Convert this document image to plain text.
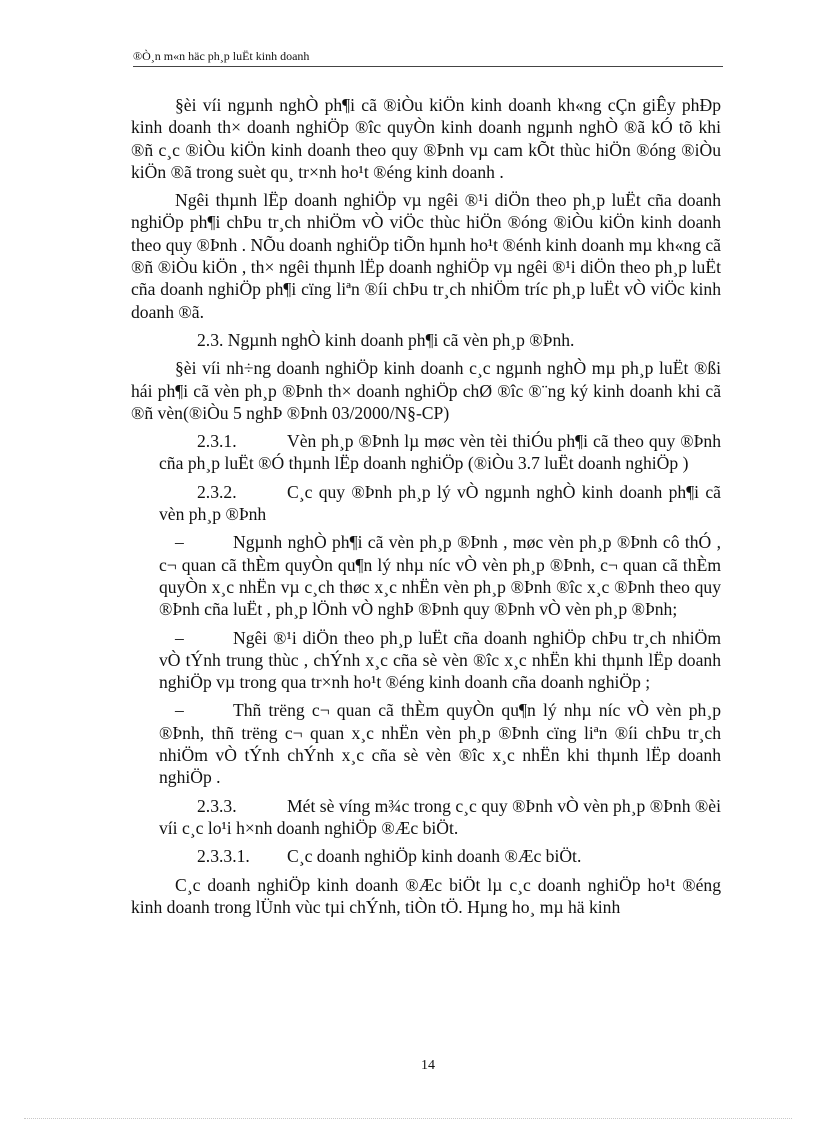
®Ò¸n m«n häc ph¸p luËt kinh doanh

§èi víi ngµnh nghÒ ph¶i cã ®iÒu kiÖn kinh doanh kh«ng cÇn giÊy phÐp kinh doanh th× doanh nghiÖp ®îc quyÒn kinh doanh ngµnh nghÒ ®ã kÓ tõ khi ®ñ c¸c ®iÒu kiÖn kinh doanh theo quy ®Þnh vµ cam kÕt thùc hiÖn ®óng ®iÒu kiÖn ®ã trong suèt qu¸ tr×nh ho¹t ®éng kinh doanh .

Ngêi thµnh lËp doanh nghiÖp vµ ngêi ®¹i diÖn theo ph¸p luËt cña doanh nghiÖp ph¶i chÞu tr¸ch nhiÖm vÒ viÖc thùc hiÖn ®óng ®iÒu kiÖn kinh doanh theo quy ®Þnh . NÕu doanh nghiÖp tiÕn hµnh ho¹t ®énh kinh doanh mµ kh«ng cã ®ñ ®iÒu kiÖn , th× ngêi thµnh lËp doanh nghiÖp vµ ngêi ®¹i diÖn theo ph¸p luËt cña doanh nghiÖp ph¶i cïng liªn ®íi chÞu tr¸ch nhiÖm tríc ph¸p luËt vÒ viÖc kinh doanh ®ã.

2.3. Ngµnh nghÒ kinh doanh ph¶i cã vèn ph¸p ®Þnh.

§èi víi nh÷ng doanh nghiÖp kinh doanh c¸c ngµnh nghÒ mµ ph¸p luËt ®ßi hái ph¶i cã vèn ph¸p ®Þnh th× doanh nghiÖp chØ ®îc ®¨ng ký kinh doanh khi cã ®ñ vèn(®iÒu 5 nghÞ ®Þnh 03/2000/N§-CP)

2.3.1.	Vèn ph¸p ®Þnh lµ møc vèn tèi thiÓu ph¶i cã theo quy ®Þnh cña ph¸p luËt ®Ó thµnh lËp doanh nghiÖp (®iÒu 3.7 luËt doanh nghiÖp )

2.3.2.	C¸c quy ®Þnh ph¸p lý vÒ ngµnh nghÒ kinh doanh ph¶i cã vèn ph¸p ®Þnh

–	Ngµnh nghÒ ph¶i cã vèn ph¸p ®Þnh , møc vèn ph¸p ®Þnh cô thÓ , c¬ quan cã thÈm quyÒn qu¶n lý nhµ níc vÒ vèn ph¸p ®Þnh, c¬ quan cã thÈm quyÒn x¸c nhËn vµ c¸ch thøc x¸c nhËn vèn ph¸p ®Þnh ®îc x¸c ®Þnh theo quy ®Þnh cña luËt , ph¸p lÖnh vÒ nghÞ ®Þnh quy ®Þnh vÒ vèn ph¸p ®Þnh;

–	Ngêi ®¹i diÖn theo ph¸p luËt cña doanh nghiÖp chÞu tr¸ch nhiÖm vÒ tÝnh trung thùc , chÝnh x¸c cña sè vèn ®îc x¸c nhËn khi thµnh lËp doanh nghiÖp vµ trong qua tr×nh ho¹t ®éng kinh doanh cña doanh nghiÖp ;

–	Thñ trëng c¬ quan cã thÈm quyÒn qu¶n lý nhµ níc vÒ vèn ph¸p ®Þnh, thñ trëng c¬ quan x¸c nhËn vèn ph¸p ®Þnh cïng liªn ®íi chÞu tr¸ch nhiÖm vÒ tÝnh chÝnh x¸c cña sè vèn ®îc x¸c nhËn khi thµnh lËp doanh nghiÖp .

2.3.3.	Mét sè víng m¾c trong c¸c quy ®Þnh vÒ vèn ph¸p ®Þnh ®èi víi c¸c lo¹i h×nh doanh nghiÖp ®Æc biÖt.

2.3.3.1. C¸c doanh nghiÖp kinh doanh ®Æc biÖt.

C¸c doanh nghiÖp kinh doanh ®Æc biÖt lµ c¸c doanh nghiÖp ho¹t ®éng kinh doanh trong lÜnh vùc tµi chÝnh, tiÒn tÖ. Hµng ho¸ mµ hä kinh

14
